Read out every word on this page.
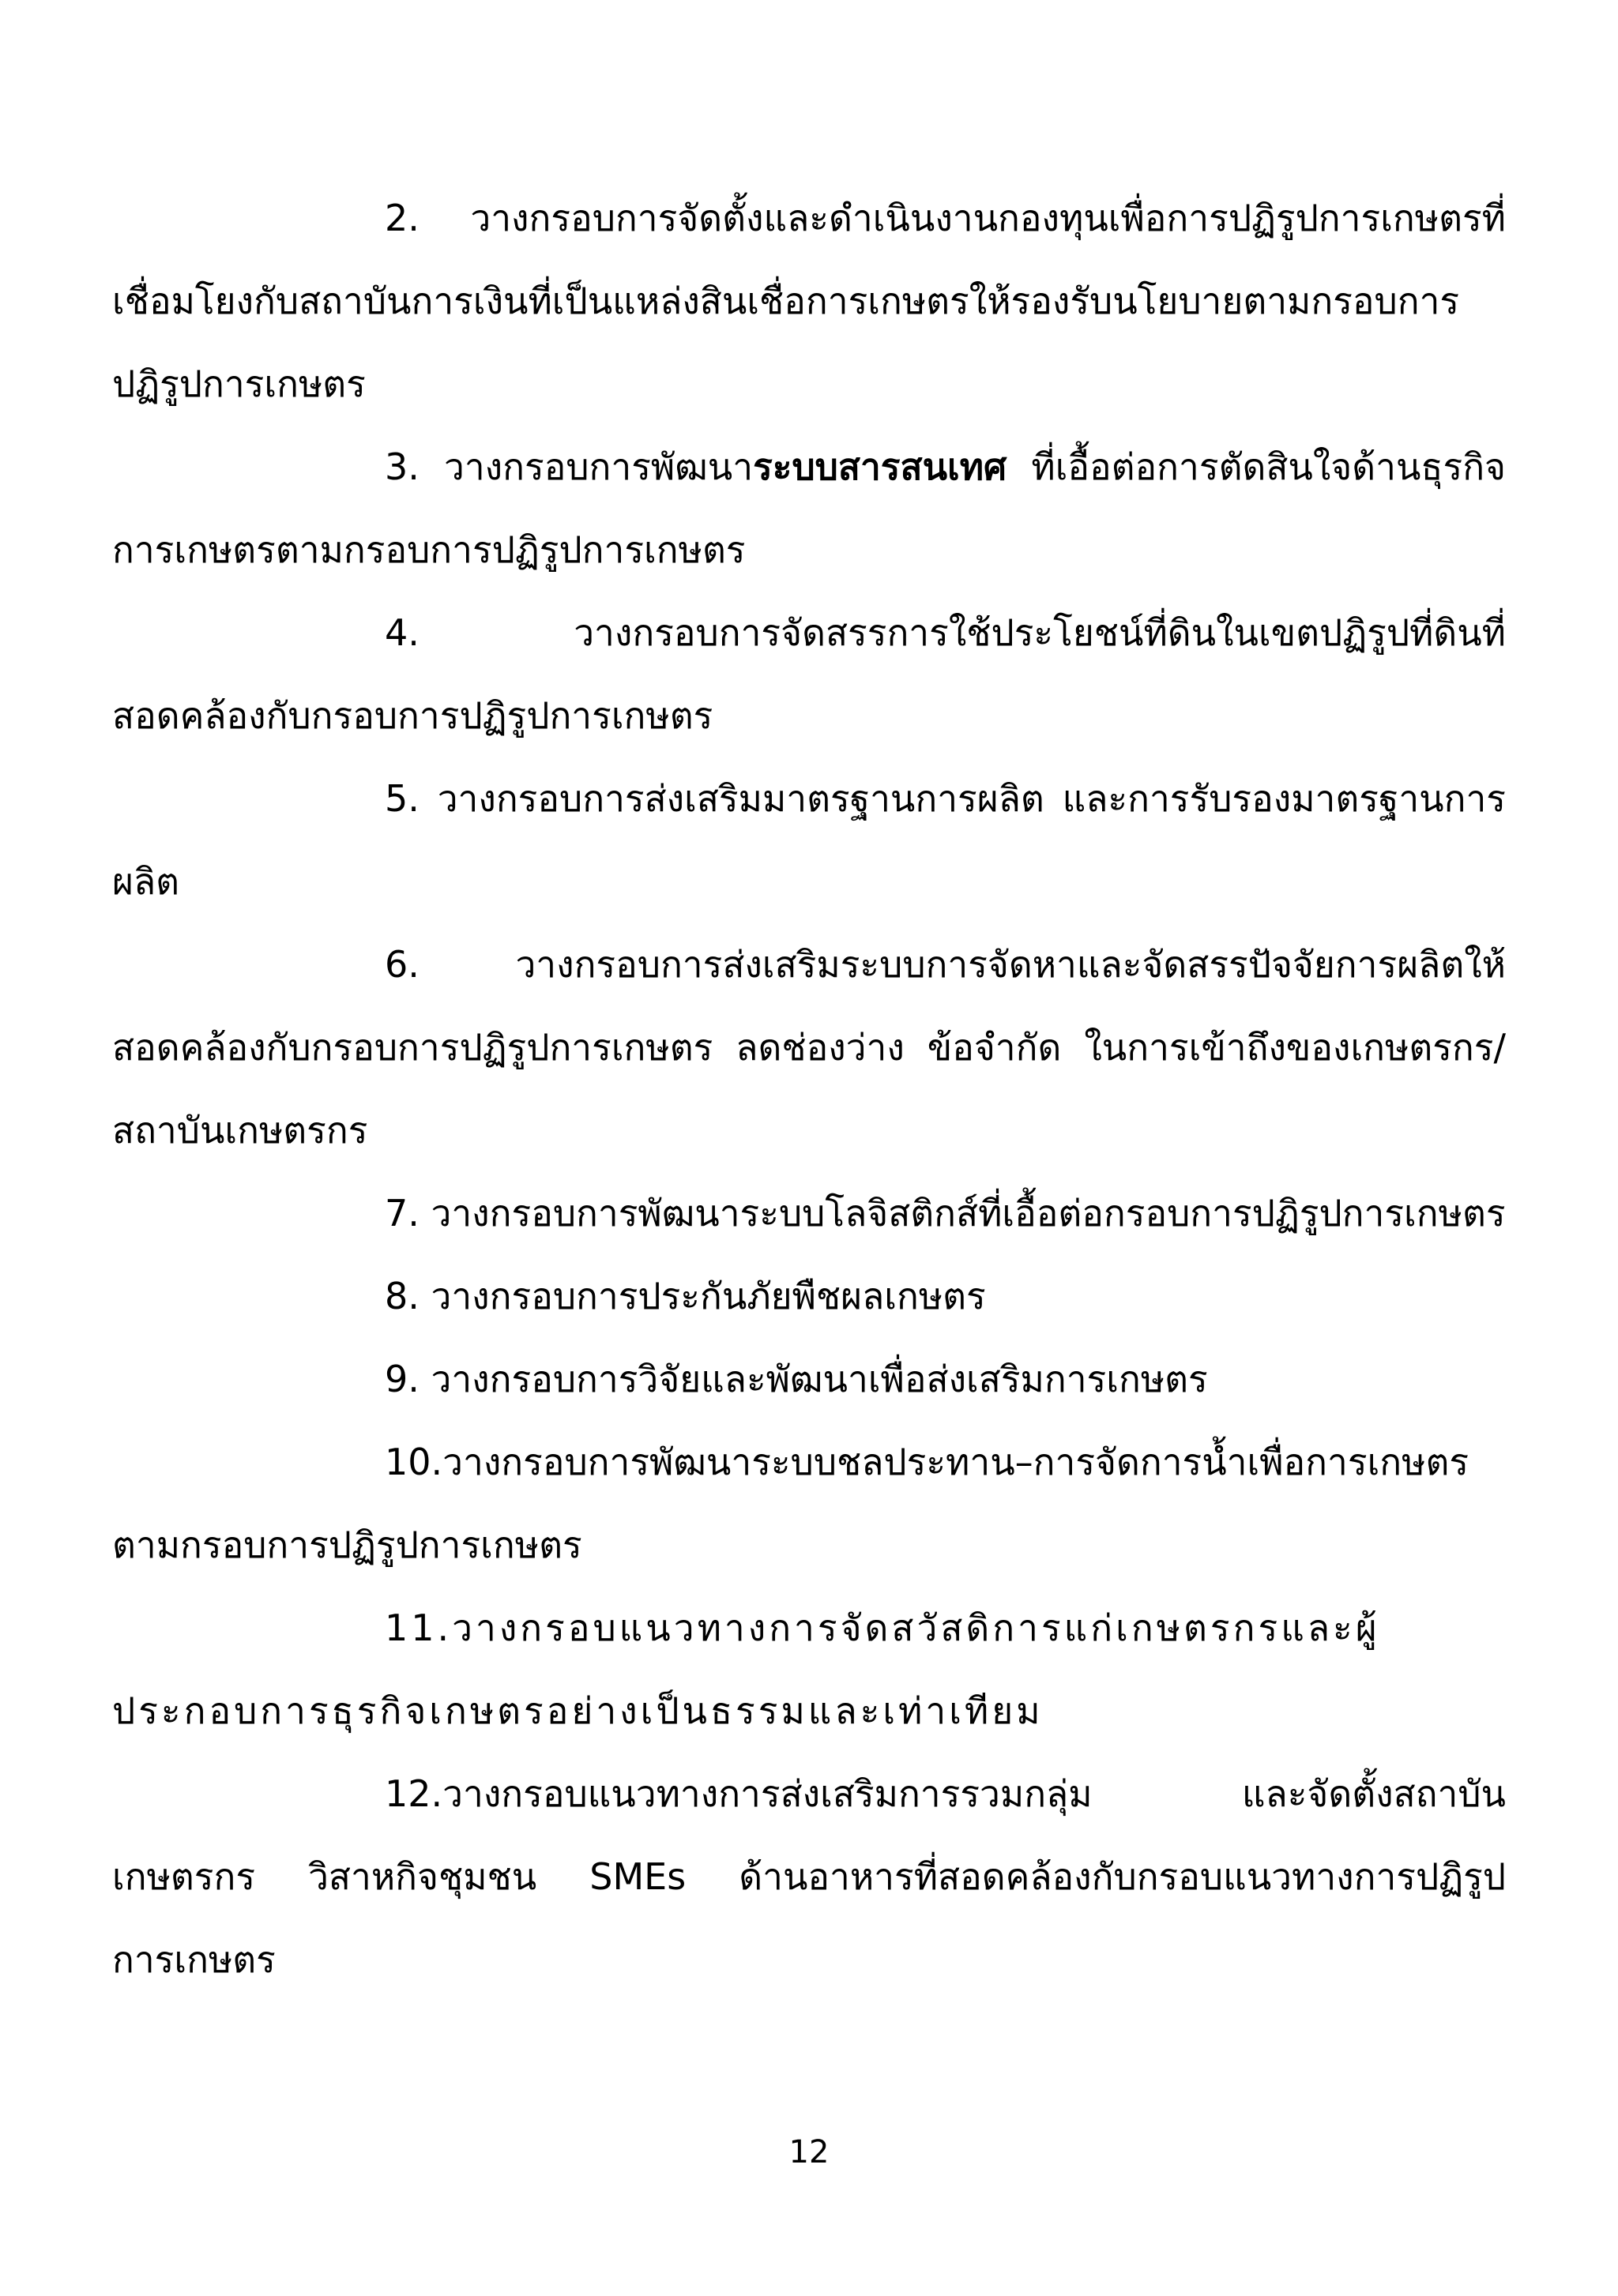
2. วางกรอบการจัดตั้งและดำเนินงานกองทุนเพื่อการปฏิรูปการเกษตรที่เชื่อมโยงกับสถาบันการเงินที่เป็นแหล่งสินเชื่อการเกษตรให้รองรับนโยบายตามกรอบการปฏิรูปการเกษตร

3. วางกรอบการพัฒนาระบบสารสนเทศ ที่เอื้อต่อการตัดสินใจด้านธุรกิจการเกษตรตามกรอบการปฏิรูปการเกษตร

4. วางกรอบการจัดสรรการใช้ประโยชน์ที่ดินในเขตปฏิรูปที่ดินที่สอดคล้องกับกรอบการปฏิรูปการเกษตร

5. วางกรอบการส่งเสริมมาตรฐานการผลิต และการรับรองมาตรฐานการผลิต

6. วางกรอบการส่งเสริมระบบการจัดหาและจัดสรรปัจจัยการผลิตให้สอดคล้องกับกรอบการปฏิรูปการเกษตร ลดช่องว่าง ข้อจำกัด ในการเข้าถึงของเกษตรกร/สถาบันเกษตรกร

7. วางกรอบการพัฒนาระบบโลจิสติกส์ที่เอื้อต่อกรอบการปฏิรูปการเกษตร

8. วางกรอบการประกันภัยพืชผลเกษตร

9. วางกรอบการวิจัยและพัฒนาเพื่อส่งเสริมการเกษตร

10.วางกรอบการพัฒนาระบบชลประทาน–การจัดการน้ำเพื่อการเกษตรตามกรอบการปฏิรูปการเกษตร

11.วางกรอบแนวทางการจัดสวัสดิการแก่เกษตรกรและผู้ประกอบการธุรกิจเกษตรอย่างเป็นธรรมและเท่าเทียม

12.วางกรอบแนวทางการส่งเสริมการรวมกลุ่ม และจัดตั้งสถาบันเกษตรกร วิสาหกิจชุมชน SMEs ด้านอาหารที่สอดคล้องกับกรอบแนวทางการปฏิรูปการเกษตร

12
